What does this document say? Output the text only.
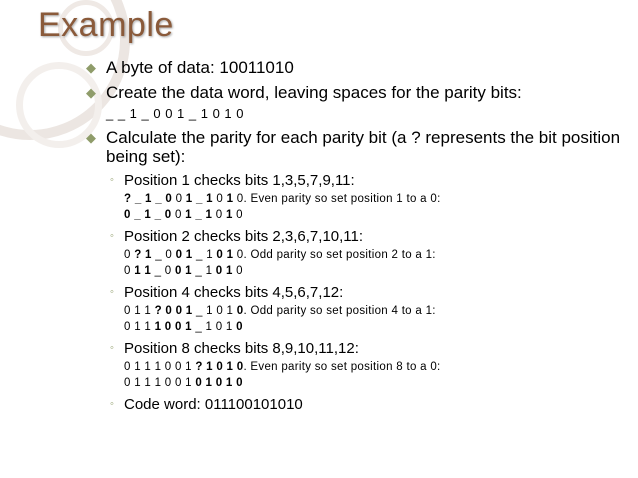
Example
◆ A byte of data: 10011010
◆ Create the data word, leaving spaces for the parity bits:
_ _ 1 _ 0 0 1 _ 1 0 1 0
◆ Calculate the parity for each parity bit (a ? represents the bit position being set):
◦ Position 1 checks bits 1,3,5,7,9,11:
? _ 1 _ 0 0 1 _ 1 0 1 0. Even parity so set position 1 to a 0:
0 _ 1 _ 0 0 1 _ 1 0 1 0
◦ Position 2 checks bits 2,3,6,7,10,11:
0 ? 1 _ 0 0 1 _ 1 0 1 0. Odd parity so set position 2 to a 1:
0 1 1 _ 0 0 1 _ 1 0 1 0
◦ Position 4 checks bits 4,5,6,7,12:
0 1 1 ? 0 0 1 _ 1 0 1 0. Odd parity so set position 4 to a 1:
0 1 1 1 0 0 1 _ 1 0 1 0
◦ Position 8 checks bits 8,9,10,11,12:
0 1 1 1 0 0 1 ? 1 0 1 0. Even parity so set position 8 to a 0:
0 1 1 1 0 0 1 0 1 0 1 0
◦ Code word: 011100101010
